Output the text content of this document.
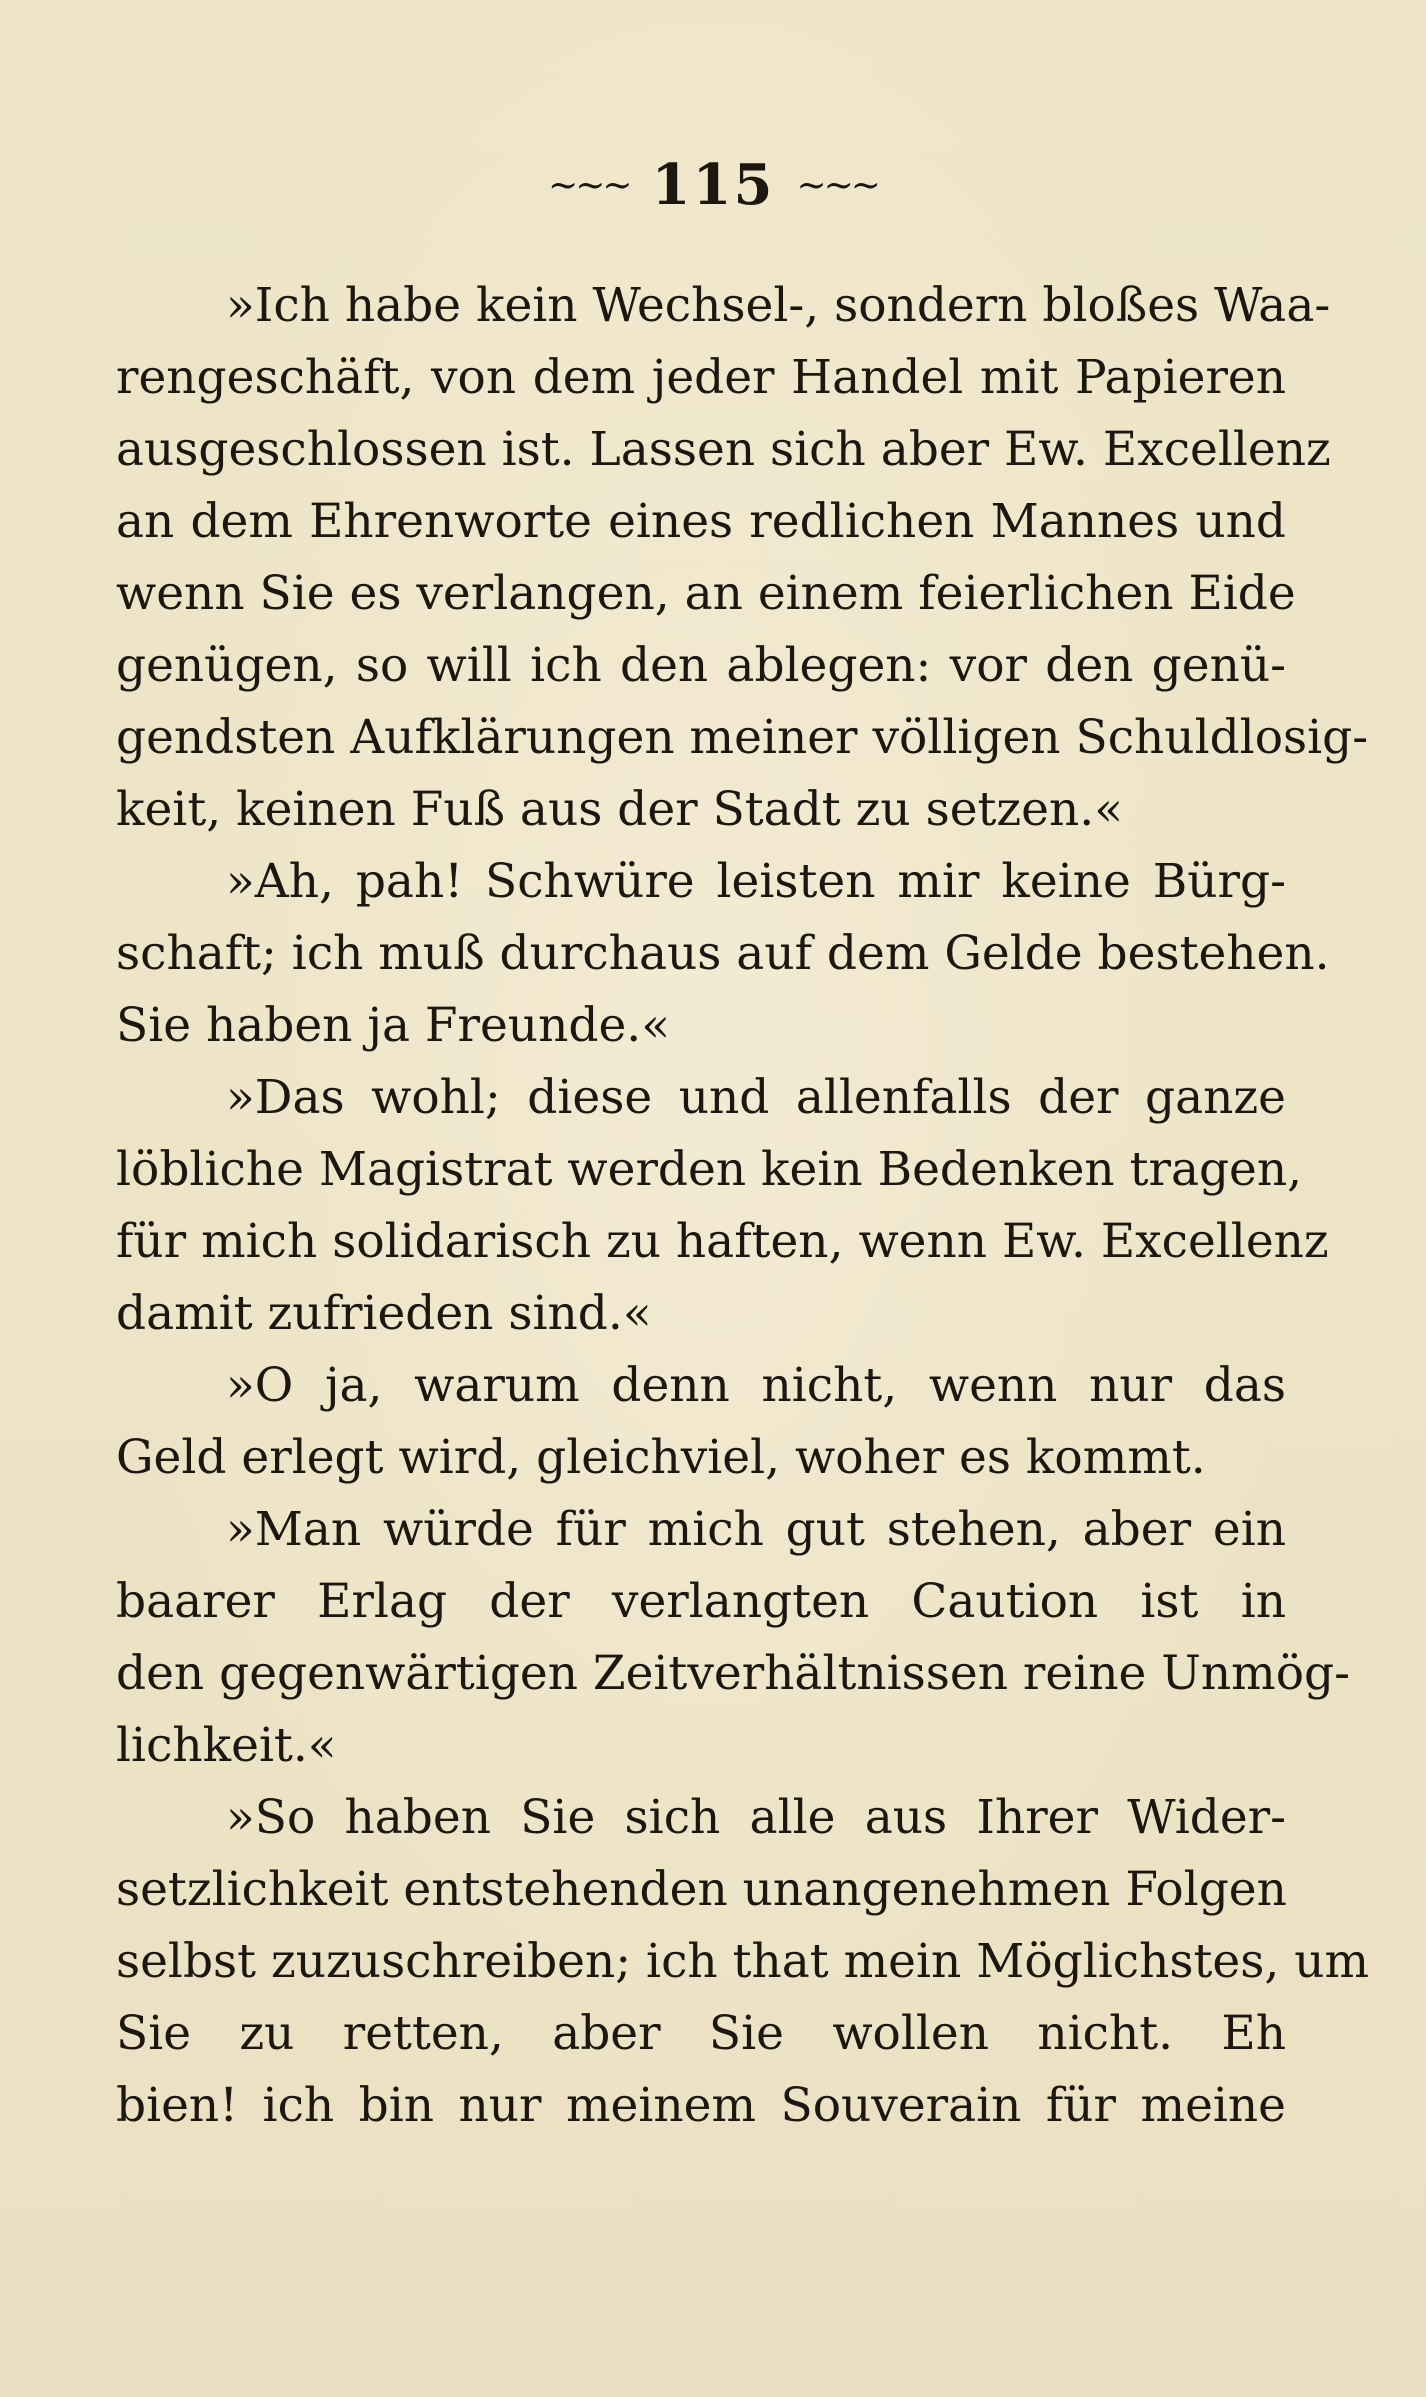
~~~ 115 ~~~
»Ich habe kein Wechsel-, sondern bloßes Waa-
rengeschäft, von dem jeder Handel mit Papieren
ausgeschlossen ist. Lassen sich aber Ew. Excellenz
an dem Ehrenworte eines redlichen Mannes und
wenn Sie es verlangen, an einem feierlichen Eide
genügen, so will ich den ablegen: vor den genü-
gendsten Aufklärungen meiner völligen Schuldlosig-
keit, keinen Fuß aus der Stadt zu setzen.«
»Ah, pah! Schwüre leisten mir keine Bürg-
schaft; ich muß durchaus auf dem Gelde bestehen.
Sie haben ja Freunde.«
»Das wohl; diese und allenfalls der ganze
löbliche Magistrat werden kein Bedenken tragen,
für mich solidarisch zu haften, wenn Ew. Excellenz
damit zufrieden sind.«
»O ja, warum denn nicht, wenn nur das
Geld erlegt wird, gleichviel, woher es kommt.
»Man würde für mich gut stehen, aber ein
baarer Erlag der verlangten Caution ist in
den gegenwärtigen Zeitverhältnissen reine Unmög-
lichkeit.«
»So haben Sie sich alle aus Ihrer Wider-
setzlichkeit entstehenden unangenehmen Folgen
selbst zuzuschreiben; ich that mein Möglichstes, um
Sie zu retten, aber Sie wollen nicht. Eh
bien! ich bin nur meinem Souverain für meine
